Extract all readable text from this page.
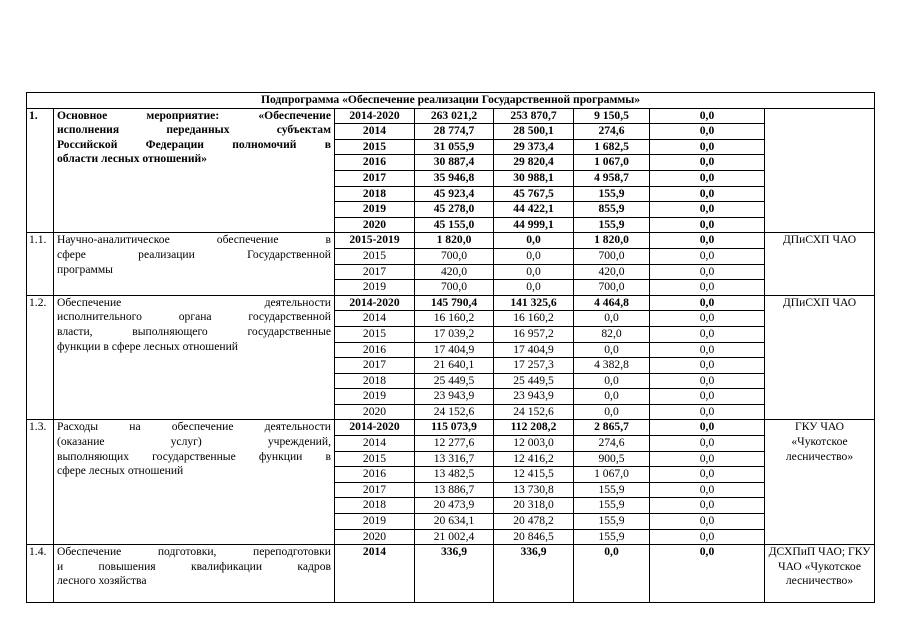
Подпрограмма «Обеспечение реализации Государственной программы»							
1.	Основное мероприятие: «Обеспечение
исполнения переданных субъектам
Российской Федерации полномочий в
области лесных отношений»	2014-2020	263 021,2	253 870,7	9 150,5	0,0	
		2014	28 774,7	28 500,1	274,6	0,0	
		2015	31 055,9	29 373,4	1 682,5	0,0	
		2016	30 887,4	29 820,4	1 067,0	0,0	
		2017	35 946,8	30 988,1	4 958,7	0,0	
		2018	45 923,4	45 767,5	155,9	0,0	
		2019	45 278,0	44 422,1	855,9	0,0	
		2020	45 155,0	44 999,1	155,9	0,0	
1.1.	Научно-аналитическое обеспечение в
сфере реализации Государственной
программы	2015-2019	1 820,0	0,0	1 820,0	0,0	ДПиСХП ЧАО
		2015	700,0	0,0	700,0	0,0	
		2017	420,0	0,0	420,0	0,0	
		2019	700,0	0,0	700,0	0,0	
1.2.	Обеспечение деятельности
исполнительного органа государственной
власти, выполняющего государственные
функции в сфере лесных отношений	2014-2020	145 790,4	141 325,6	4 464,8	0,0	ДПиСХП ЧАО
		2014	16 160,2	16 160,2	0,0	0,0	
		2015	17 039,2	16 957,2	82,0	0,0	
		2016	17 404,9	17 404,9	0,0	0,0	
		2017	21 640,1	17 257,3	4 382,8	0,0	
		2018	25 449,5	25 449,5	0,0	0,0	
		2019	23 943,9	23 943,9	0,0	0,0	
		2020	24 152,6	24 152,6	0,0	0,0	
1.3.	Расходы на обеспечение деятельности
(оказание услуг) учреждений,
выполняющих государственные функции в
сфере лесных отношений	2014-2020	115 073,9	112 208,2	2 865,7	0,0	ГКУ ЧАО «Чукотское лесничество»
		2014	12 277,6	12 003,0	274,6	0,0	
		2015	13 316,7	12 416,2	900,5	0,0	
		2016	13 482,5	12 415,5	1 067,0	0,0	
		2017	13 886,7	13 730,8	155,9	0,0	
		2018	20 473,9	20 318,0	155,9	0,0	
		2019	20 634,1	20 478,2	155,9	0,0	
		2020	21 002,4	20 846,5	155,9	0,0	
1.4.	Обеспечение подготовки, переподготовки
и повышения квалификации кадров
лесного хозяйства	2014	336,9	336,9	0,0	0,0	ДСХПиП ЧАО; ГКУ ЧАО «Чукотское лесничество»
